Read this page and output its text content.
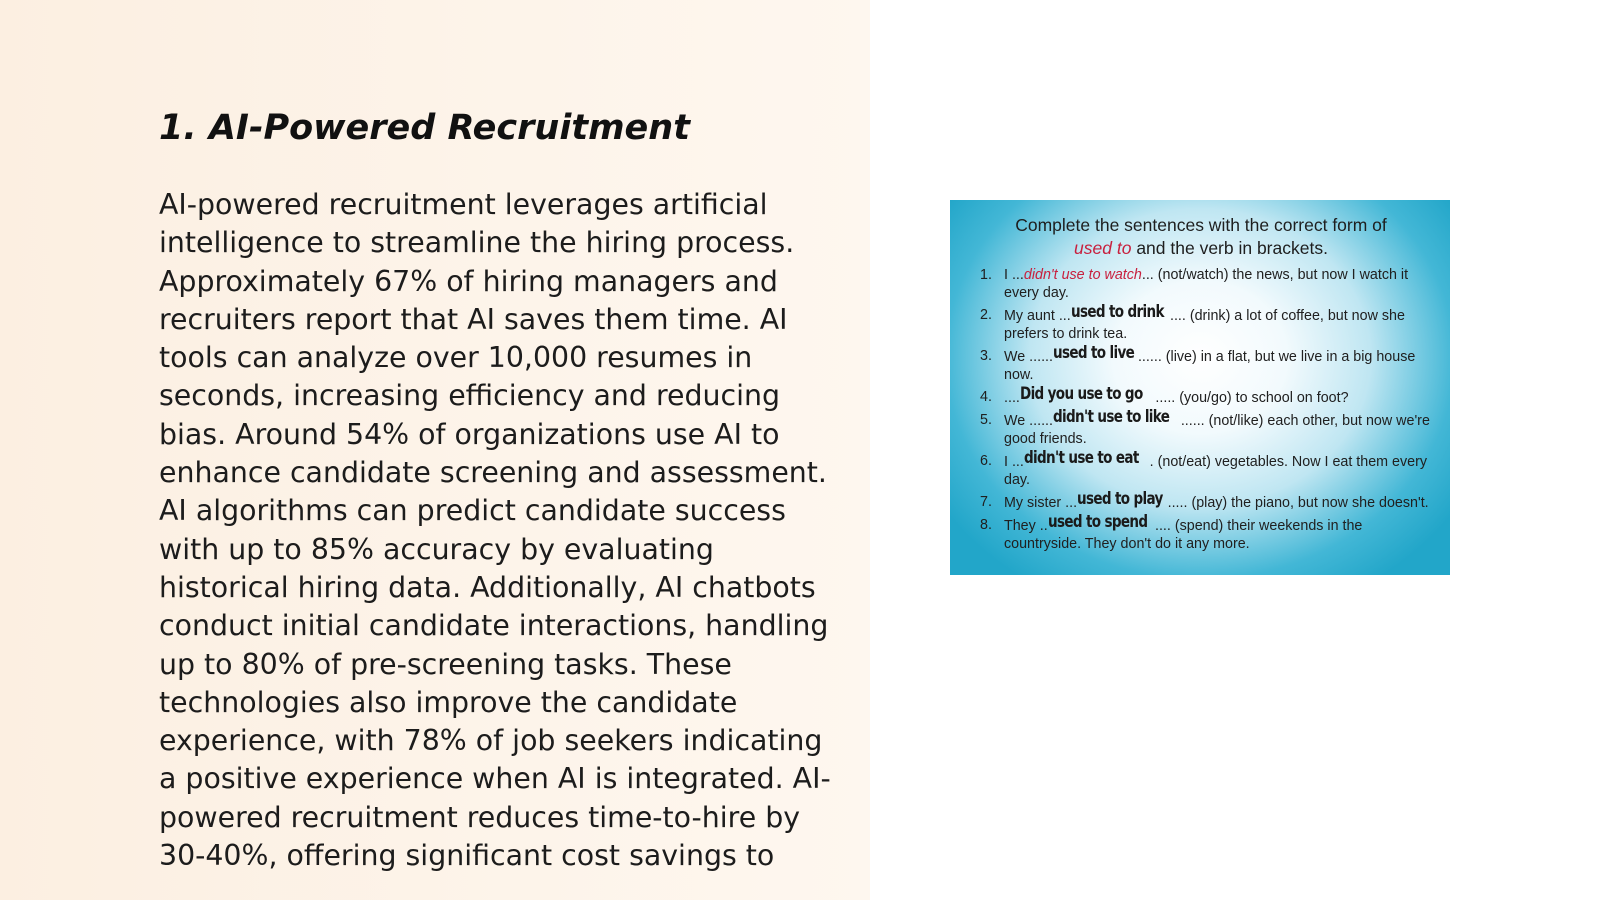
1. AI-Powered Recruitment

AI-powered recruitment leverages artificial intelligence to streamline the hiring process. Approximately 67% of hiring managers and recruiters report that AI saves them time. AI tools can analyze over 10,000 resumes in seconds, increasing efficiency and reducing bias. Around 54% of organizations use AI to enhance candidate screening and assessment. AI algorithms can predict candidate success with up to 85% accuracy by evaluating historical hiring data. Additionally, AI chatbots conduct initial candidate interactions, handling up to 80% of pre-screening tasks. These technologies also improve the candidate experience, with 78% of job seekers indicating a positive experience when AI is integrated. AI-powered recruitment reduces time-to-hire by 30-40%, offering significant cost savings to

Complete the sentences with the correct form of
used to and the verb in brackets.

1. I ...didn't use to watch... (not/watch) the news, but now I watch it every day.
2. My aunt ...used to drink .... (drink) a lot of coffee, but now she prefers to drink tea.
3. We ......used to live ...... (live) in a flat, but we live in a big house now.
4. ....Did you use to go ..... (you/go) to school on foot?
5. We ......didn't use to like ...... (not/like) each other, but now we're good friends.
6. I ...didn't use to eat . (not/eat) vegetables. Now I eat them every day.
7. My sister ...used to play ..... (play) the piano, but now she doesn't.
8. They ..used to spend .... (spend) their weekends in the countryside. They don't do it any more.
